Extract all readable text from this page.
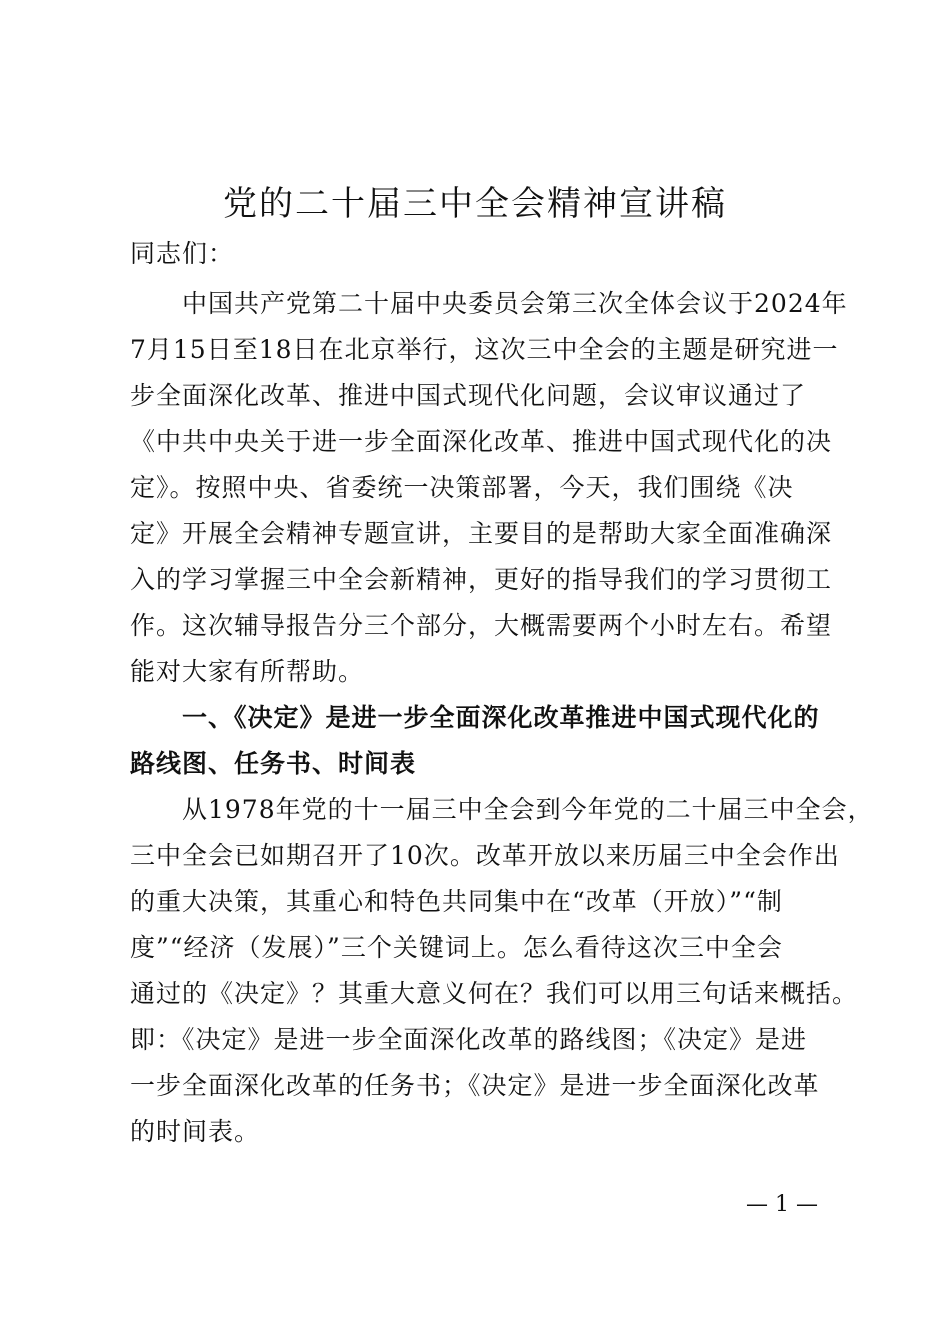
党的二十届三中全会精神宣讲稿
同志们：
　　中国共产党第二十届中央委员会第三次全体会议于2024年
7月15日至18日在北京举行，这次三中全会的主题是研究进一
步全面深化改革、推进中国式现代化问题，会议审议通过了
《中共中央关于进一步全面深化改革、推进中国式现代化的决
定》。按照中央、省委统一决策部署，今天，我们围绕《决
定》开展全会精神专题宣讲，主要目的是帮助大家全面准确深
入的学习掌握三中全会新精神，更好的指导我们的学习贯彻工
作。这次辅导报告分三个部分，大概需要两个小时左右。希望
能对大家有所帮助。
　　一、《决定》是进一步全面深化改革推进中国式现代化的
路线图、任务书、时间表
　　从1978年党的十一届三中全会到今年党的二十届三中全会，
三中全会已如期召开了10次。改革开放以来历届三中全会作出
的重大决策，其重心和特色共同集中在“改革（开放）”“制
度”“经济（发展）”三个关键词上。怎么看待这次三中全会
通过的《决定》？其重大意义何在？我们可以用三句话来概括。
即：《决定》是进一步全面深化改革的路线图；《决定》是进
一步全面深化改革的任务书；《决定》是进一步全面深化改革
的时间表。
— 1 —
